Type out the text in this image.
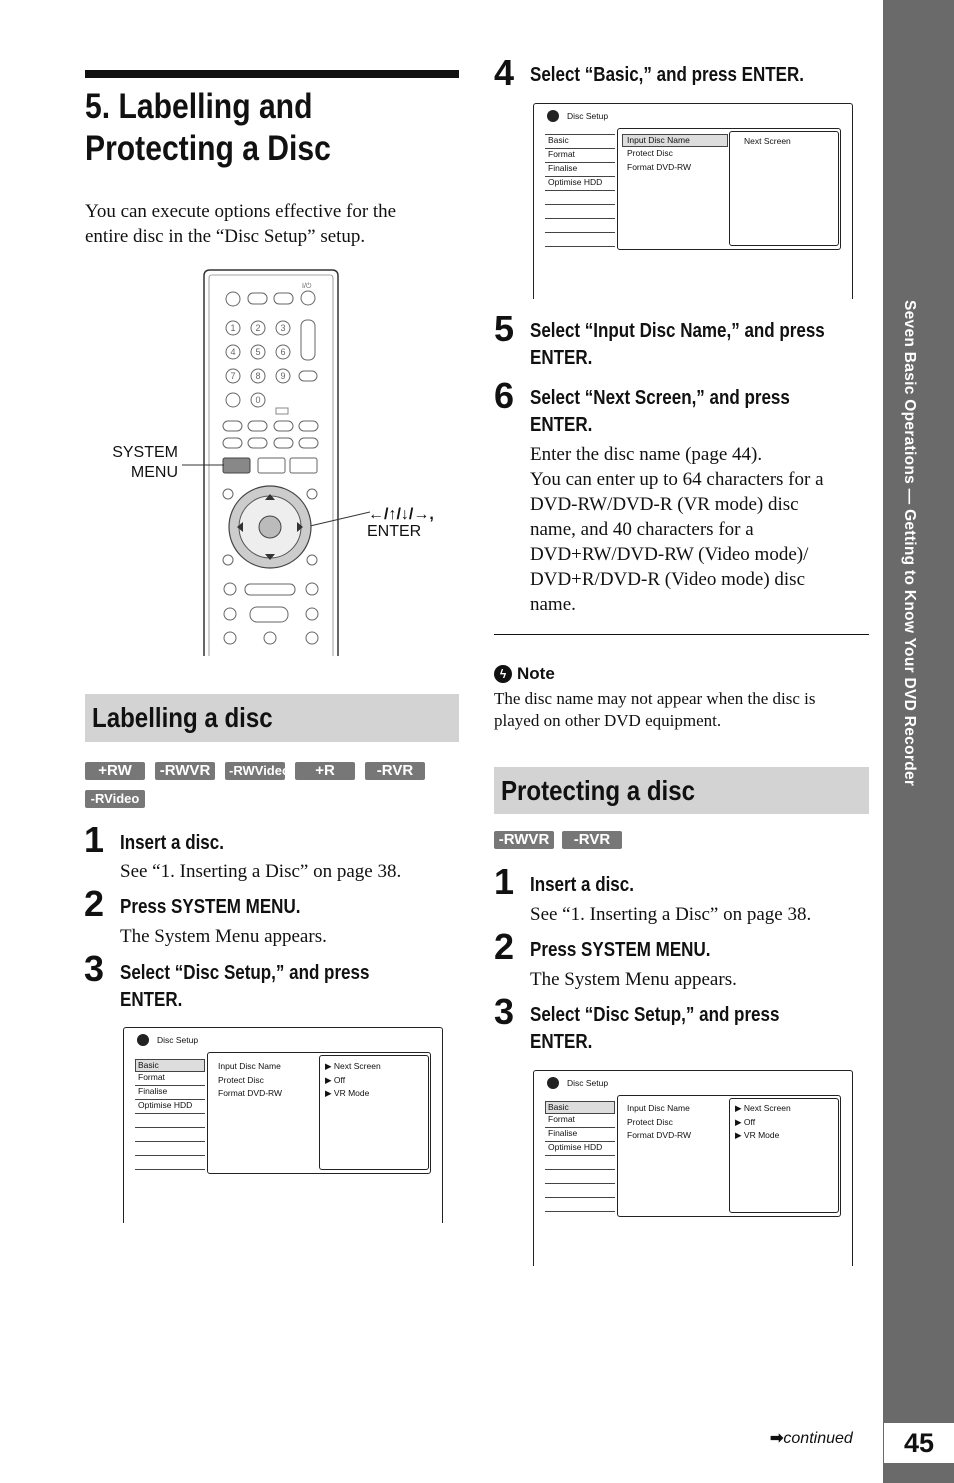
Seven Basic Operations — Getting to Know Your DVD Recorder
45
➡continued
5. Labelling and
Protecting a Disc
You can execute options effective for the
entire disc in the “Disc Setup” setup.
SYSTEM
MENU
←/↑/↓/→,
ENTER
I/⏻
1 2 3
4 5 6
7 8 9
0
Labelling a disc
+RW	-RWVR	-RWVideo	+R	-RVR
-RVideo
1 Insert a disc.
See “1. Inserting a Disc” on page 38.
2 Press SYSTEM MENU.
The System Menu appears.
3 Select “Disc Setup,” and press
ENTER.
Disc Setup
Basic
Format
Finalise
Optimise HDD
Input Disc Name
Protect Disc
Format DVD-RW
▶ Next Screen
▶ Off
▶ VR Mode
4 Select “Basic,” and press ENTER.
Disc Setup
Basic
Format
Finalise
Optimise HDD
Input Disc Name
Protect Disc
Format DVD-RW
Next Screen
5 Select “Input Disc Name,” and press
ENTER.
6 Select “Next Screen,” and press
ENTER.
Enter the disc name (page 44).
You can enter up to 64 characters for a
DVD-RW/DVD-R (VR mode) disc
name, and 40 characters for a
DVD+RW/DVD-RW (Video mode)/
DVD+R/DVD-R (Video mode) disc
name.
ϟ Note
The disc name may not appear when the disc is
played on other DVD equipment.
Protecting a disc
-RWVR	-RVR
1 Insert a disc.
See “1. Inserting a Disc” on page 38.
2 Press SYSTEM MENU.
The System Menu appears.
3 Select “Disc Setup,” and press
ENTER.
Disc Setup
Basic
Format
Finalise
Optimise HDD
Input Disc Name
Protect Disc
Format DVD-RW
▶ Next Screen
▶ Off
▶ VR Mode
